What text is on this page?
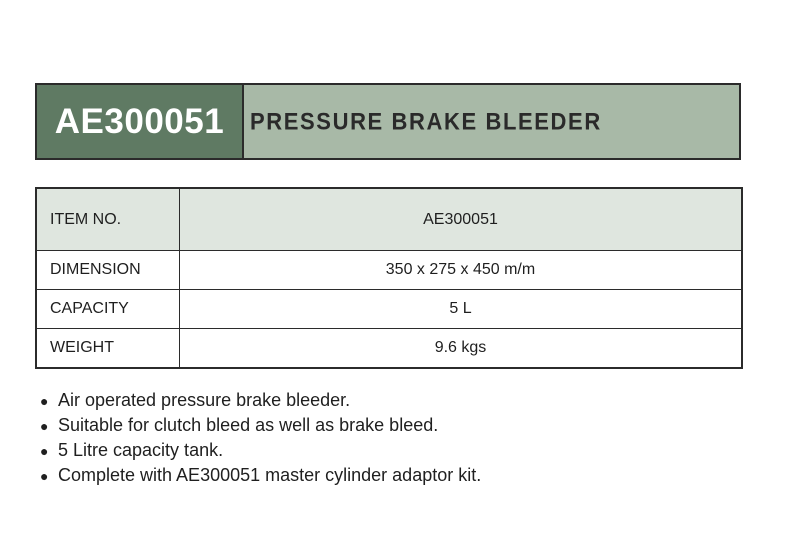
AE300051 PRESSURE BRAKE BLEEDER
ITEM NO.	AE300051
DIMENSION	350 x 275 x 450 m/m
CAPACITY	5 L
WEIGHT	9.6 kgs
● Air operated pressure brake bleeder.
● Suitable for clutch bleed as well as brake bleed.
● 5 Litre capacity tank.
● Complete with AE300051 master cylinder adaptor kit.
